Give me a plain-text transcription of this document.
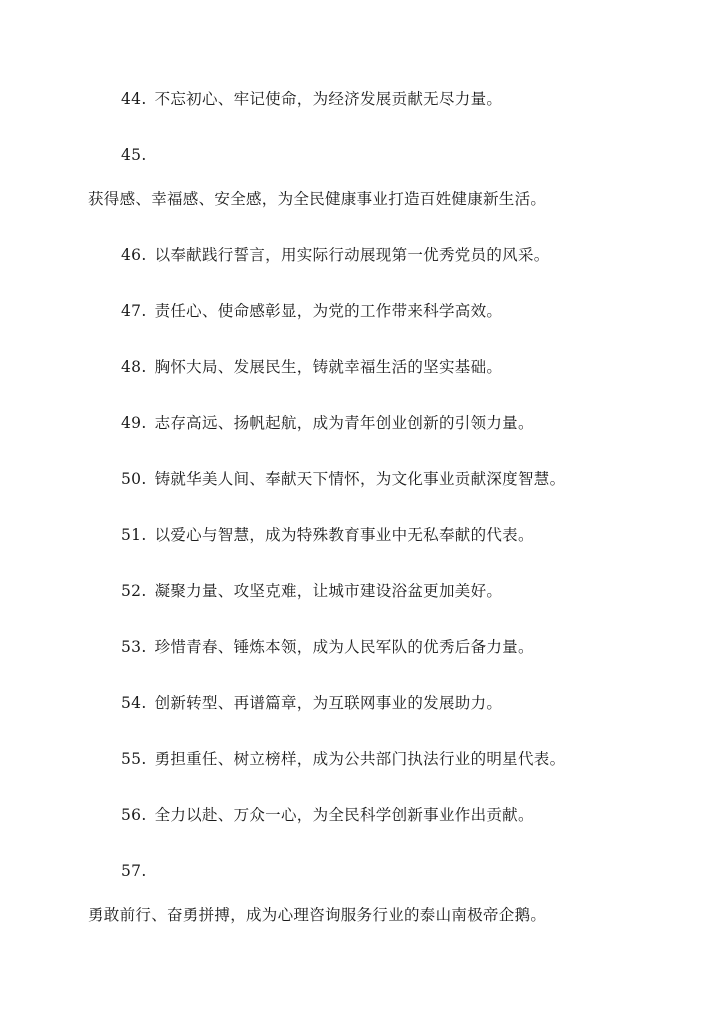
44. 不忘初心、牢记使命，为经济发展贡献无尽力量。
45.
获得感、幸福感、安全感，为全民健康事业打造百姓健康新生活。
46. 以奉献践行誓言，用实际行动展现第一优秀党员的风采。
47. 责任心、使命感彰显，为党的工作带来科学高效。
48. 胸怀大局、发展民生，铸就幸福生活的坚实基础。
49. 志存高远、扬帆起航，成为青年创业创新的引领力量。
50. 铸就华美人间、奉献天下情怀，为文化事业贡献深度智慧。
51. 以爱心与智慧，成为特殊教育事业中无私奉献的代表。
52. 凝聚力量、攻坚克难，让城市建设浴盆更加美好。
53. 珍惜青春、锤炼本领，成为人民军队的优秀后备力量。
54. 创新转型、再谱篇章，为互联网事业的发展助力。
55. 勇担重任、树立榜样，成为公共部门执法行业的明星代表。
56. 全力以赴、万众一心，为全民科学创新事业作出贡献。
57.
勇敢前行、奋勇拼搏，成为心理咨询服务行业的泰山南极帝企鹅。
